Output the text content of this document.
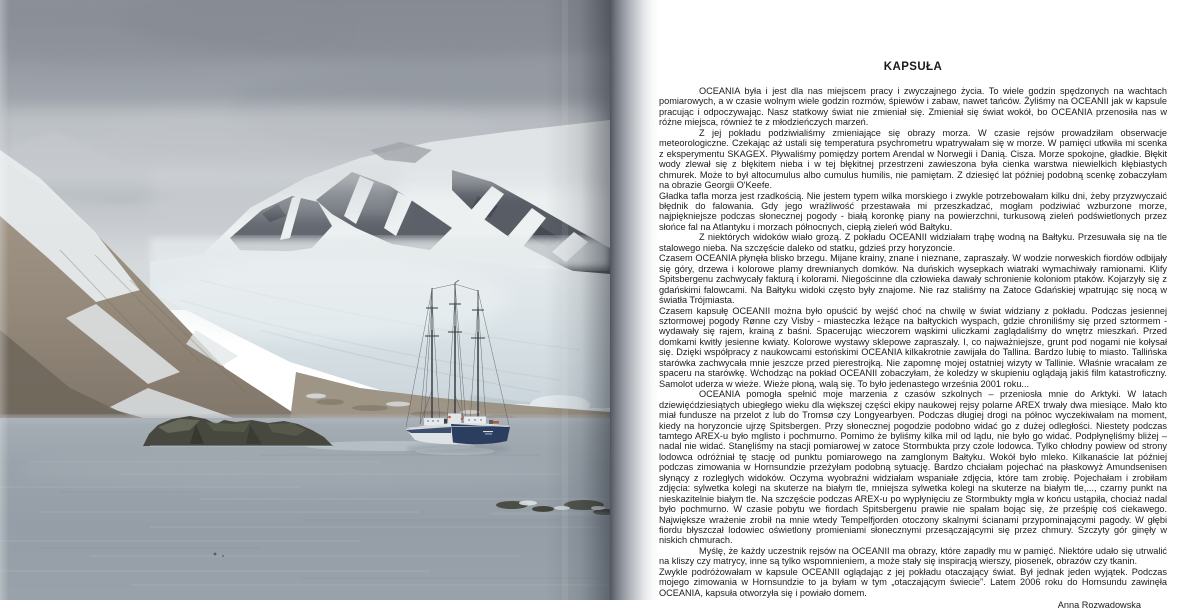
KAPSUŁA

OCEANIA była i jest dla nas miejscem pracy i zwyczajnego życia. To wiele godzin spędzonych na wachtach pomiarowych, a w czasie wolnym wiele godzin rozmów, śpiewów i zabaw, nawet tańców. Żyliśmy na OCEANII jak w kapsule pracując i odpoczywając. Nasz statkowy świat nie zmieniał się. Zmieniał się świat wokół, bo OCEANIA przenosiła nas w różne miejsca, również te z młodzieńczych marzeń.

Z jej pokładu podziwialiśmy zmieniające się obrazy morza. W czasie rejsów prowadziłam obserwacje meteorologiczne. Czekając aż ustali się temperatura psychrometru wpatrywałam się w morze. W pamięci utkwiła mi scenka z eksperymentu SKAGEX. Pływaliśmy pomiędzy portem Arendal w Norwegii i Danią. Cisza. Morze spokojne, gładkie. Błękit wody zlewał się z błękitem nieba i w tej błękitnej przestrzeni zawieszona była cienka warstwa niewielkich kłębiastych chmurek. Może to był altocumulus albo cumulus humilis, nie pamiętam. Z dziesięć lat później podobną scenkę zobaczyłam na obrazie Georgii O'Keefe.

Gładka tafla morza jest rzadkością. Nie jestem typem wilka morskiego i zwykle potrzebowałam kilku dni, żeby przyzwyczaić błędnik do falowania. Gdy jego wrażliwość przestawała mi przeszkadzać, mogłam podziwiać wzburzone morze, najpiękniejsze podczas słonecznej pogody - białą koronkę piany na powierzchni, turkusową zieleń podświetlonych przez słońce fal na Atlantyku i morzach północnych, ciepłą zieleń wód Bałtyku.

Z niektórych widoków wiało grozą. Z pokładu OCEANII widziałam trąbę wodną na Bałtyku. Przesuwała się na tle stalowego nieba. Na szczęście daleko od statku, gdzieś przy horyzoncie.

Czasem OCEANIA płynęła blisko brzegu. Mijane krainy, znane i nieznane, zapraszały. W wodzie norweskich fiordów odbijały się góry, drzewa i kolorowe plamy drewnianych domków. Na duńskich wysepkach wiatraki wymachiwały ramionami. Klify Spitsbergenu zachwycały fakturą i kolorami. Niegościnne dla człowieka dawały schronienie koloniom ptaków. Kojarzyły się z gdańskimi falowcami. Na Bałtyku widoki często były znajome. Nie raz staliśmy na Zatoce Gdańskiej wpatrując się nocą w światła Trójmiasta.

Czasem kapsułę OCEANII można było opuścić by wejść choć na chwilę w świat widziany z pokładu. Podczas jesiennej sztormowej pogody Rønne czy Visby - miasteczka leżące na bałtyckich wyspach, gdzie chroniliśmy się przed sztormem - wydawały się rajem, krainą z baśni. Spacerując wieczorem wąskimi uliczkami zaglądaliśmy do wnętrz mieszkań. Przed domkami kwitły jesienne kwiaty. Kolorowe wystawy sklepowe zapraszały. I, co najważniejsze, grunt pod nogami nie kołysał się. Dzięki współpracy z naukowcami estońskimi OCEANIA kilkakrotnie zawijała do Tallina. Bardzo lubię to miasto. Tallińska starówka zachwycała mnie jeszcze przed pierestrojką. Nie zapomnę mojej ostatniej wizyty w Tallinie. Właśnie wracałam ze spaceru na starówkę. Wchodząc na pokład OCEANII zobaczyłam, że koledzy w skupieniu oglądają jakiś film katastroficzny. Samolot uderza w wieże. Wieże płoną, walą się. To było jedenastego września 2001 roku...

OCEANIA pomogła spełnić moje marzenia z czasów szkolnych – przeniosła mnie do Arktyki. W latach dziewięćdziesiątych ubiegłego wieku dla większej części ekipy naukowej rejsy polarne AREX trwały dwa miesiące. Mało kto miał fundusze na przelot z lub do Tromsø czy Longyearbyen. Podczas długiej drogi na północ wyczekiwałam na moment, kiedy na horyzoncie ujrzę Spitsbergen. Przy słonecznej pogodzie podobno widać go z dużej odległości. Niestety podczas tamtego AREX-u było mglisto i pochmurno. Pomimo że byliśmy kilka mil od lądu, nie było go widać. Podpłynęliśmy bliżej – nadal nie widać. Stanęliśmy na stacji pomiarowej w zatoce Stormbukta przy czole lodowca. Tylko chłodny powiew od strony lodowca odróżniał tę stację od punktu pomiarowego na zamglonym Bałtyku. Wokół było mleko. Kilkanaście lat później podczas zimowania w Hornsundzie przeżyłam podobną sytuację. Bardzo chciałam pojechać na płaskowyż Amundsenisen słynący z rozległych widoków. Oczyma wyobraźni widziałam wspaniałe zdjęcia, które tam zrobię. Pojechałam i zrobiłam zdjęcia: sylwetka kolegi na skuterze na białym tle, mniejsza sylwetka kolegi na skuterze na białym tle,..., czarny punkt na nieskazitelnie białym tle. Na szczęście podczas AREX-u po wypłynięciu ze Stormbukty mgła w końcu ustąpiła, chociaż nadal było pochmurno. W czasie pobytu we fiordach Spitsbergenu prawie nie spałam bojąc się, że prześpię coś ciekawego. Największe wrażenie zrobił na mnie wtedy Tempelfjorden otoczony skalnymi ścianami przypominającymi pagody. W głębi fiordu błyszczał lodowiec oświetlony promieniami słonecznymi przesączającymi się przez chmury. Szczyty gór ginęły w niskich chmurach.

Myślę, że każdy uczestnik rejsów na OCEANII ma obrazy, które zapadły mu w pamięć. Niektóre udało się utrwalić na kliszy czy matrycy, inne są tylko wspomnieniem, a może stały się inspiracją wierszy, piosenek, obrazów czy tkanin.

Zwykle podróżowałam w kapsule OCEANII oglądając z jej pokładu otaczający świat. Był jednak jeden wyjątek. Podczas mojego zimowania w Hornsundzie to ja byłam w tym „otaczającym świecie”. Latem 2006 roku do Hornsundu zawinęła OCEANIA, kapsuła otworzyła się i powiało domem.

Anna Rozwadowska
